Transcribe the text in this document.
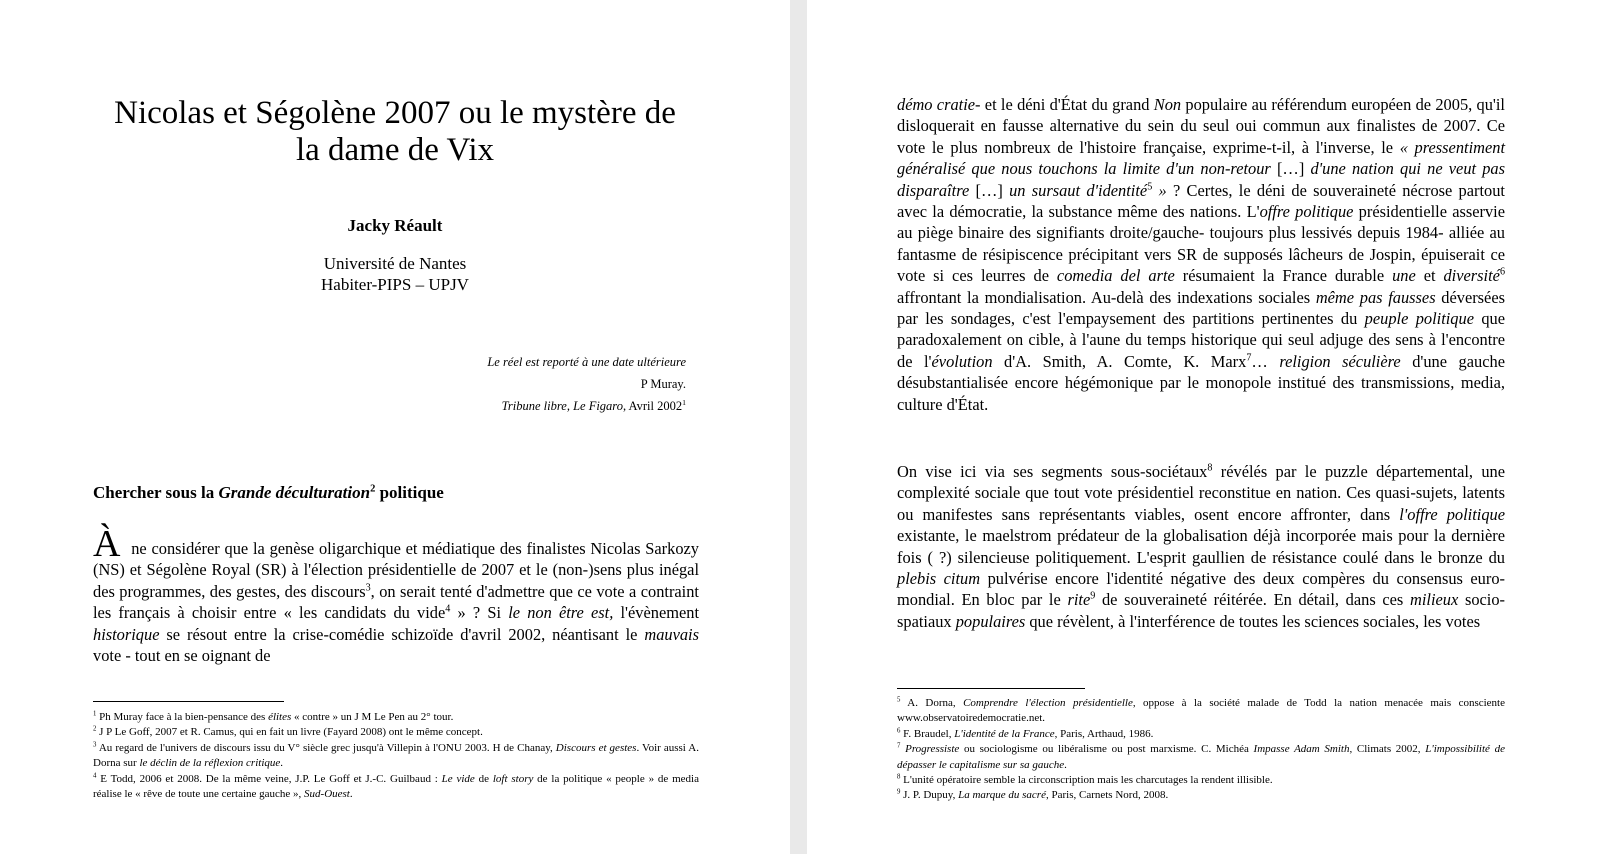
Nicolas et Ségolène 2007 ou le mystère de
la dame de Vix
Jacky Réault
Université de Nantes
Habiter-PIPS – UPJV
Le réel est reporté à une date ultérieure
P Muray.
Tribune libre, Le Figaro, Avril 2002$^1$
Chercher sous la Grande déculturation$^2$ politique

À ne considérer que la genèse oligarchique et médiatique des finalistes Nicolas Sarkozy (NS) et Ségolène Royal (SR) à l'élection présidentielle de 2007 et le (non-)sens plus inégal des programmes, des gestes, des discours$^3$, on serait tenté d'admettre que ce vote a contraint les français à choisir entre « les candidats du vide$^4$ » ? Si le non être est, l'évènement historique se résout entre la crise-comédie schizoïde d'avril 2002, néantisant le mauvais vote - tout en se oignant de

$^1$ Ph Muray face à la bien-pensance des élites « contre » un J M Le Pen au 2° tour.

$^2$ J P Le Goff, 2007 et R. Camus, qui en fait un livre (Fayard 2008) ont le même concept.

$^3$ Au regard de l'univers de discours issu du V° siècle grec jusqu'à Villepin à l'ONU 2003. H de Chanay, Discours et gestes. Voir aussi A. Dorna sur le déclin de la réflexion critique.

$^4$ E Todd, 2006 et 2008. De la même veine, J.P. Le Goff et J.-C. Guilbaud : Le vide de loft story de la politique « people » de media réalise le « rêve de toute une certaine gauche », Sud-Ouest.

démo cratie- et le déni d'État du grand Non populaire au référendum européen de 2005, qu'il disloquerait en fausse alternative du sein du seul oui commun aux finalistes de 2007. Ce vote le plus nombreux de l'histoire française, exprime-t-il, à l'inverse, le « pressentiment généralisé que nous touchons la limite d'un non-retour […] d'une nation qui ne veut pas disparaître […] un sursaut d'identité$^5$ » ? Certes, le déni de souveraineté nécrose partout avec la démocratie, la substance même des nations. L'offre politique présidentielle asservie au piège binaire des signifiants droite/gauche- toujours plus lessivés depuis 1984- alliée au fantasme de résipiscence précipitant vers SR de supposés lâcheurs de Jospin, épuiserait ce vote si ces leurres de comedia del arte résumaient la France durable une et diversité$^6$ affrontant la mondialisation. Au-delà des indexations sociales même pas fausses déversées par les sondages, c'est l'empaysement des partitions pertinentes du peuple politique que paradoxalement on cible, à l'aune du temps historique qui seul adjuge des sens à l'encontre de l'évolution d'A. Smith, A. Comte, K. Marx$^7$… religion séculière d'une gauche désubstantialisée encore hégémonique par le monopole institué des transmissions, media, culture d'État.

On vise ici via ses segments sous-sociétaux$^8$ révélés par le puzzle départemental, une complexité sociale que tout vote présidentiel reconstitue en nation. Ces quasi-sujets, latents ou manifestes sans représentants viables, osent encore affronter, dans l'offre politique existante, le maelstrom prédateur de la globalisation déjà incorporée mais pour la dernière fois ( ?) silencieuse politiquement. L'esprit gaullien de résistance coulé dans le bronze du plebis citum pulvérise encore l'identité négative des deux compères du consensus euro-mondial. En bloc par le rite$^9$ de souveraineté réitérée. En détail, dans ces milieux socio-spatiaux populaires que révèlent, à l'interférence de toutes les sciences sociales, les votes

$^5$ A. Dorna, Comprendre l'élection présidentielle, oppose à la société malade de Todd la nation menacée mais consciente www.observatoiredemocratie.net.

$^6$ F. Braudel, L'identité de la France, Paris, Arthaud, 1986.

$^7$ Progressiste ou sociologisme ou libéralisme ou post marxisme. C. Michéa Impasse Adam Smith, Climats 2002, L'impossibilité de dépasser le capitalisme sur sa gauche.

$^8$ L'unité opératoire semble la circonscription mais les charcutages la rendent illisible.

$^9$ J. P. Dupuy, La marque du sacré, Paris, Carnets Nord, 2008.
